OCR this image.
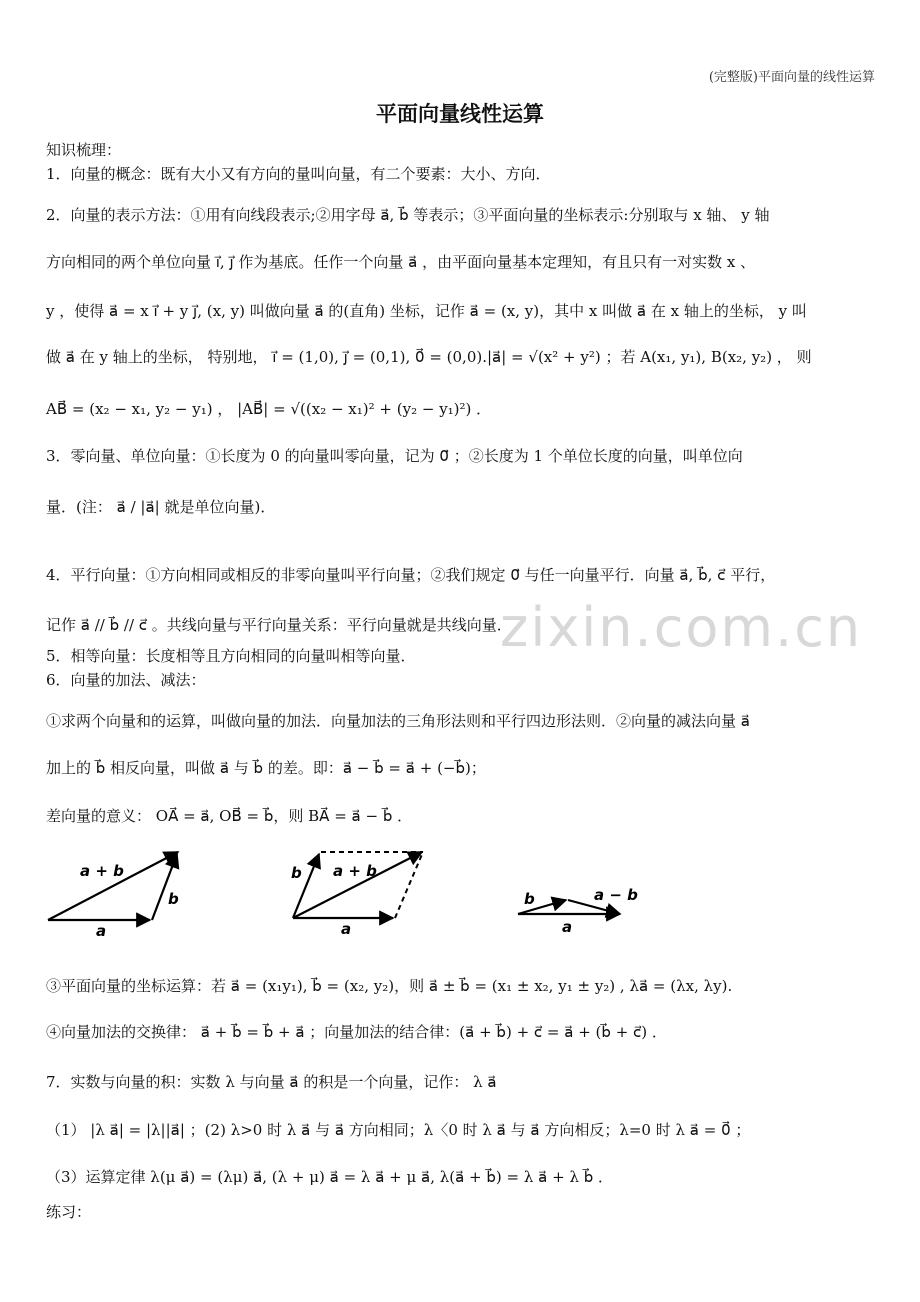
(完整版)平面向量的线性运算
平面向量线性运算
zixin.com.cn
知识梳理：
1．向量的概念：既有大小又有方向的量叫向量，有二个要素：大小、方向．
2．向量的表示方法：①用有向线段表示;②用字母 a⃗, b⃗ 等表示；③平面向量的坐标表示:分别取与 x 轴、 y 轴
方向相同的两个单位向量 i⃗, j⃗ 作为基底。任作一个向量 a⃗ ，由平面向量基本定理知，有且只有一对实数 x 、
y ，使得 a⃗ = x i⃗ + y j⃗, (x, y) 叫做向量 a⃗ 的(直角) 坐标，记作 a⃗ = (x, y)，其中 x 叫做 a⃗ 在 x 轴上的坐标， y 叫
做 a⃗ 在 y 轴上的坐标， 特别地， i⃗ = (1,0), j⃗ = (0,1), 0⃗ = (0,0).|a⃗| = √(x² + y²) ；若 A(x₁, y₁), B(x₂, y₂) ， 则
AB⃗ = (x₂ − x₁, y₂ − y₁) ， |AB⃗| = √((x₂ − x₁)² + (y₂ − y₁)²) ．
3．零向量、单位向量：①长度为 0 的向量叫零向量，记为 0⃗ ；②长度为 1 个单位长度的向量，叫单位向
量．(注： a⃗ / |a⃗| 就是单位向量)．
4．平行向量：①方向相同或相反的非零向量叫平行向量；②我们规定 0⃗ 与任一向量平行．向量 a⃗, b⃗, c⃗ 平行，
记作 a⃗ // b⃗ // c⃗ 。共线向量与平行向量关系：平行向量就是共线向量．
5．相等向量：长度相等且方向相同的向量叫相等向量．
6．向量的加法、减法：
①求两个向量和的运算，叫做向量的加法．向量加法的三角形法则和平行四边形法则．②向量的减法向量 a⃗
加上的 b⃗ 相反向量，叫做 a⃗ 与 b⃗ 的差。即：a⃗ − b⃗ = a⃗ + (−b⃗)；
差向量的意义： OA⃗ = a⃗, OB⃗ = b⃗，则 BA⃗ = a⃗ − b⃗ ．
a + b
b
a
a + b
b
a
b	a − b
a
③平面向量的坐标运算：若 a⃗ = (x₁y₁), b⃗ = (x₂, y₂)，则 a⃗ ± b⃗ = (x₁ ± x₂, y₁ ± y₂) , λa⃗ = (λx, λy).
④向量加法的交换律： a⃗ + b⃗ = b⃗ + a⃗ ；向量加法的结合律：(a⃗ + b⃗) + c⃗ = a⃗ + (b⃗ + c⃗) ．
7．实数与向量的积：实数 λ 与向量 a⃗ 的积是一个向量，记作： λ a⃗
（1） |λ a⃗| = |λ||a⃗| ；(2) λ>0 时 λ a⃗ 与 a⃗ 方向相同；λ〈0 时 λ a⃗ 与 a⃗ 方向相反；λ=0 时 λ a⃗ = 0⃗ ；
（3）运算定律 λ(μ a⃗) = (λμ) a⃗, (λ + μ) a⃗ = λ a⃗ + μ a⃗, λ(a⃗ + b⃗) = λ a⃗ + λ b⃗ ．
练习：
